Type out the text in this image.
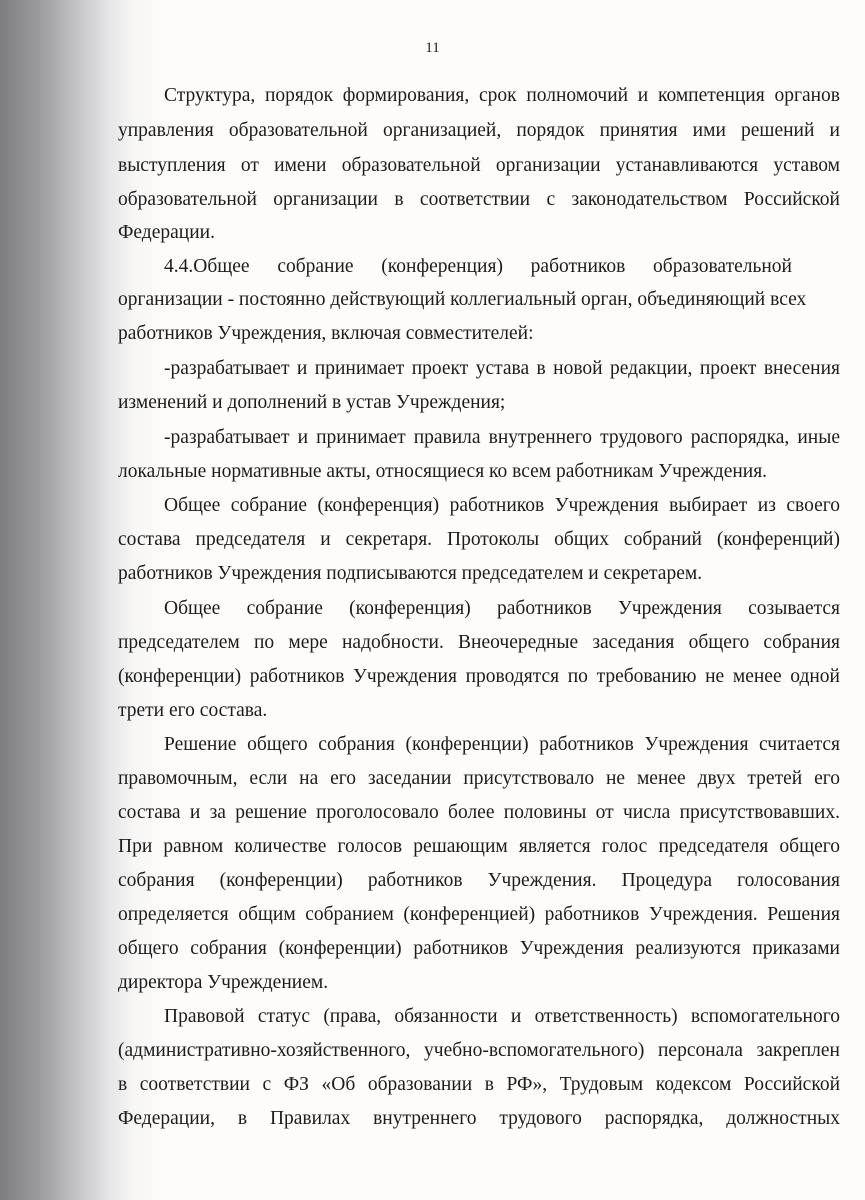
11
Структура, порядок формирования, срок полномочий и компетенция органов
управления образовательной организацией, порядок принятия ими решений и
выступления от имени образовательной организации устанавливаются уставом
образовательной организации в соответствии с законодательством Российской
Федерации.
4.4.Общее собрание (конференция) работников образовательной
организации - постоянно действующий коллегиальный орган, объединяющий всех
работников Учреждения, включая совместителей:
-разрабатывает и принимает проект устава в новой редакции, проект внесения
изменений и дополнений в устав Учреждения;
-разрабатывает и принимает правила внутреннего трудового распорядка, иные
локальные нормативные акты, относящиеся ко всем работникам Учреждения.
Общее собрание (конференция) работников Учреждения выбирает из своего
состава председателя и секретаря. Протоколы общих собраний (конференций)
работников Учреждения подписываются председателем и секретарем.
Общее собрание (конференция) работников Учреждения созывается
председателем по мере надобности. Внеочередные заседания общего собрания
(конференции) работников Учреждения проводятся по требованию не менее одной
трети его состава.
Решение общего собрания (конференции) работников Учреждения считается
правомочным, если на его заседании присутствовало не менее двух третей его
состава и за решение проголосовало более половины от числа присутствовавших.
При равном количестве голосов решающим является голос председателя общего
собрания (конференции) работников Учреждения. Процедура голосования
определяется общим собранием (конференцией) работников Учреждения. Решения
общего собрания (конференции) работников Учреждения реализуются приказами
директора Учреждением.
Правовой статус (права, обязанности и ответственность) вспомогательного
(административно-хозяйственного, учебно-вспомогательного) персонала закреплен
в соответствии с ФЗ «Об образовании в РФ», Трудовым кодексом Российской
Федерации, в Правилах внутреннего трудового распорядка, должностных
